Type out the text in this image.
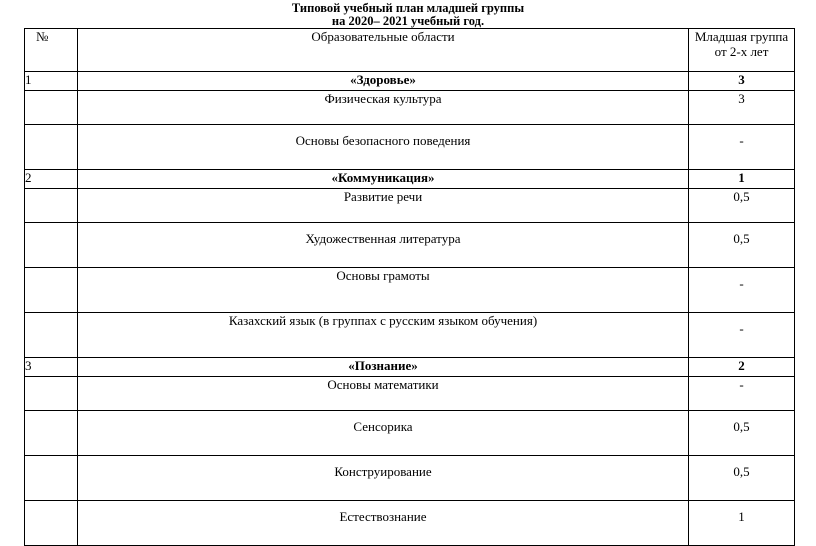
Типовой учебный план младшей группы
на 2020– 2021 учебный год.
№	Образовательные области	Младшая группа
от 2-х лет

1	«Здоровье»	3
	Физическая культура	3
	Основы безопасного поведения	-
2	«Коммуникация»	1
	Развитие речи	0,5
	Художественная литература	0,5
	Основы грамоты	-
	Казахский язык (в группах с русским языком обучения)	-
3	«Познание»	2
	Основы математики	-
	Сенсорика	0,5
	Конструирование	0,5
	Естествознание	1
